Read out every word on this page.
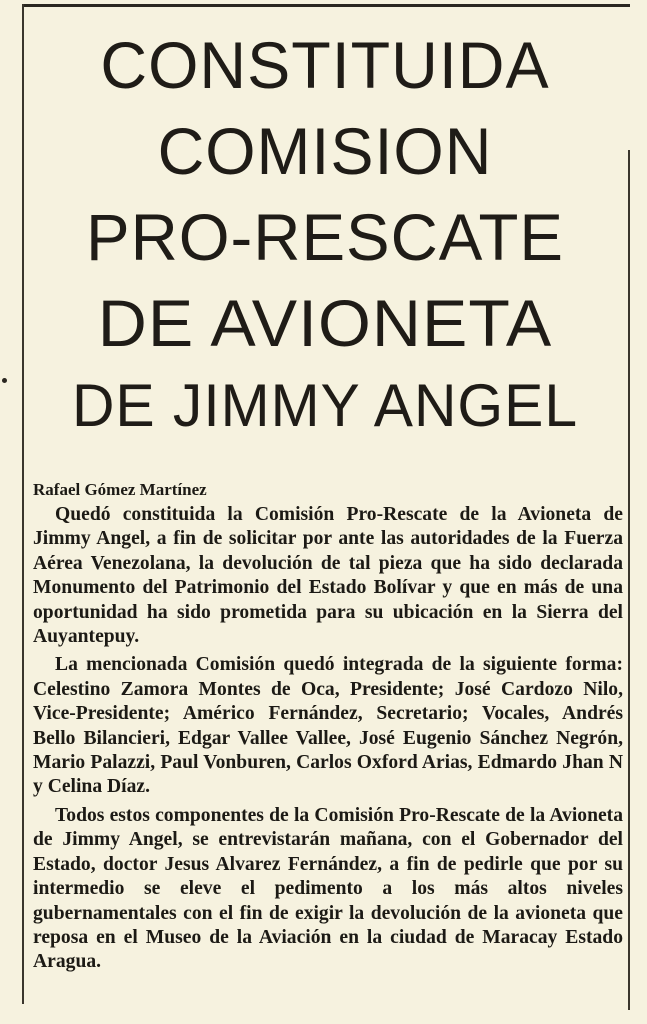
CONSTITUIDA
COMISION
PRO-RESCATE
DE AVIONETA
DE JIMMY ANGEL
Rafael Gómez Martínez

Quedó constituida la Comisión Pro-Rescate de la Avioneta de Jimmy Angel, a fin de solicitar por ante las autoridades de la Fuerza Aérea Venezolana, la devolución de tal pieza que ha sido declarada Monumento del Patrimonio del Estado Bolívar y que en más de una oportunidad ha sido prometida para su ubicación en la Sierra del Auyantepuy.

La mencionada Comisión quedó integrada de la siguiente forma: Celestino Zamora Montes de Oca, Presidente; José Cardozo Nilo, Vice-Presidente; Américo Fernández, Secretario; Vocales, Andrés Bello Bilancieri, Edgar Vallee Vallee, José Eugenio Sánchez Negrón, Mario Palazzi, Paul Vonburen, Carlos Oxford Arias, Edmardo Jhan N y Celina Díaz.

Todos estos componentes de la Comisión Pro-Rescate de la Avioneta de Jimmy Angel, se entrevistarán mañana, con el Gobernador del Estado, doctor Jesus Alvarez Fernández, a fin de pedirle que por su intermedio se eleve el pedimento a los más altos niveles gubernamentales con el fin de exigir la devolución de la avioneta que reposa en el Museo de la Aviación en la ciudad de Maracay Estado Aragua.
